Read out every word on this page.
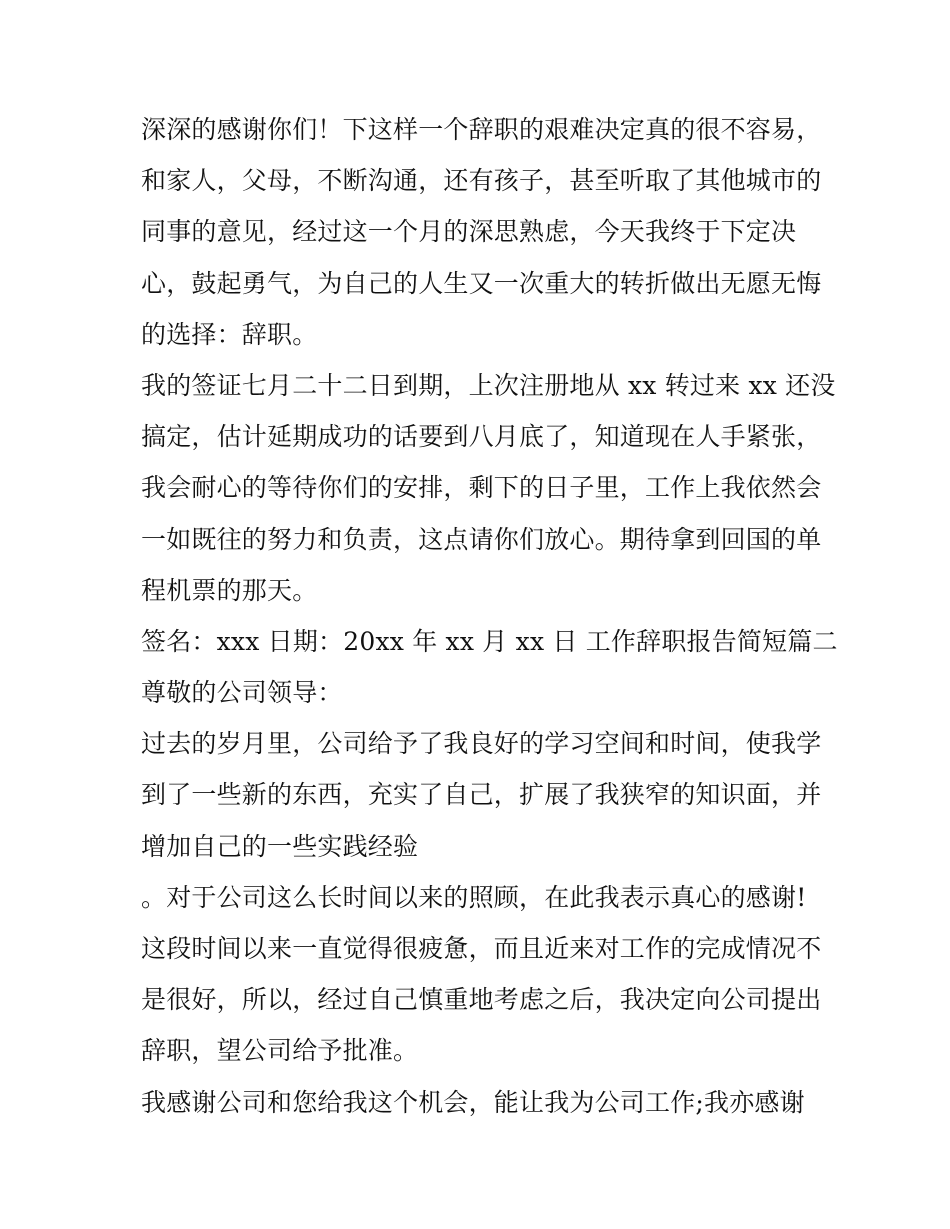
深深的感谢你们！下这样一个辞职的艰难决定真的很不容易，
和家人，父母，不断沟通，还有孩子，甚至听取了其他城市的
同事的意见，经过这一个月的深思熟虑，今天我终于下定决
心，鼓起勇气，为自己的人生又一次重大的转折做出无愿无悔
的选择：辞职。
我的签证七月二十二日到期，上次注册地从 xx 转过来 xx 还没
搞定，估计延期成功的话要到八月底了，知道现在人手紧张，
我会耐心的等待你们的安排，剩下的日子里，工作上我依然会
一如既往的努力和负责，这点请你们放心。期待拿到回国的单
程机票的那天。
签名：xxx 日期：20xx 年 xx 月 xx 日 工作辞职报告简短篇二
尊敬的公司领导：
过去的岁月里，公司给予了我良好的学习空间和时间，使我学
到了一些新的东西，充实了自己，扩展了我狭窄的知识面，并
增加自己的一些实践经验
。对于公司这么长时间以来的照顾，在此我表示真心的感谢!
这段时间以来一直觉得很疲惫，而且近来对工作的完成情况不
是很好，所以，经过自己慎重地考虑之后，我决定向公司提出
辞职，望公司给予批准。
我感谢公司和您给我这个机会，能让我为公司工作;我亦感谢
